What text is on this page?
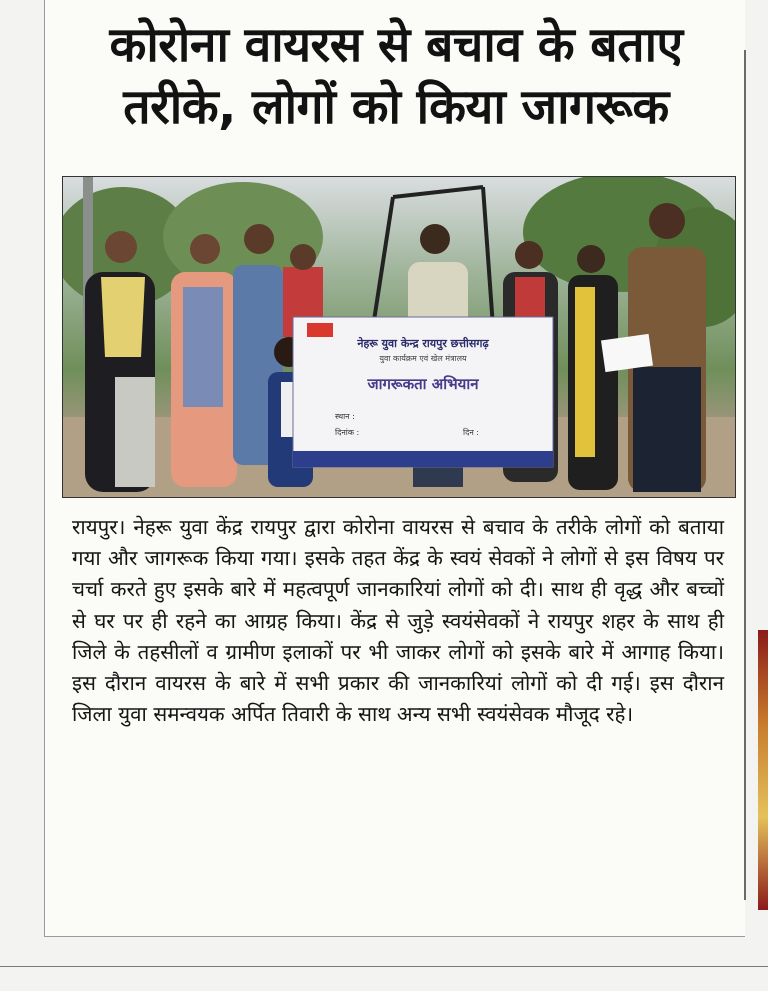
कोरोना वायरस से बचाव के बताए
तरीके, लोगों को किया जागरूक
नेहरू युवा केन्द्र रायपुर छत्तीसगढ़
युवा कार्यक्रम एवं खेल मंत्रालय
जागरूकता अभियान
स्थान :
दिनांक :	दिन :

रायपुर। नेहरू युवा केंद्र रायपुर द्वारा कोरोना वायरस से बचाव के तरीके लोगों को बताया गया और जागरूक किया गया। इसके तहत केंद्र के स्वयं सेवकों ने लोगों से इस विषय पर चर्चा करते हुए इसके बारे में महत्वपूर्ण जानकारियां लोगों को दी। साथ ही वृद्ध और बच्चों से घर पर ही रहने का आग्रह किया। केंद्र से जुड़े स्वयंसेवकों ने रायपुर शहर के साथ ही जिले के तहसीलों व ग्रामीण इलाकों पर भी जाकर लोगों को इसके बारे में आगाह किया। इस दौरान वायरस के बारे में सभी प्रकार की जानकारियां लोगों को दी गई। इस दौरान जिला युवा समन्वयक अर्पित तिवारी के साथ अन्य सभी स्वयंसेवक मौजूद रहे।
